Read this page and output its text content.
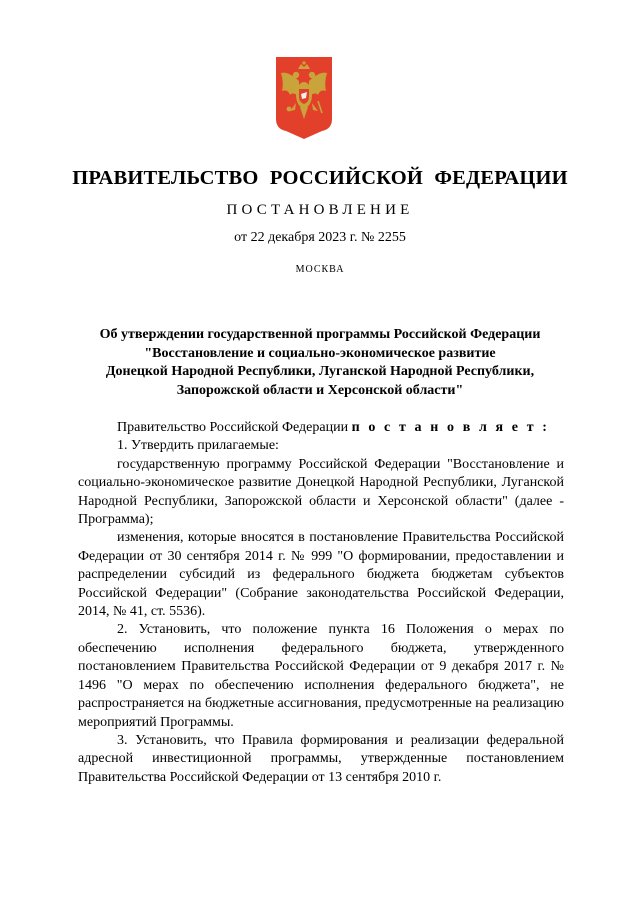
ПРАВИТЕЛЬСТВО РОССИЙСКОЙ ФЕДЕРАЦИИ
ПОСТАНОВЛЕНИЕ
от 22 декабря 2023 г. № 2255
МОСКВА
Об утверждении государственной программы Российской Федерации
"Восстановление и социально-экономическое развитие
Донецкой Народной Республики, Луганской Народной Республики,
Запорожской области и Херсонской области"

Правительство Российской Федерации п о с т а н о в л я е т :

1. Утвердить прилагаемые:

государственную программу Российской Федерации "Восстановление и социально-экономическое развитие Донецкой Народной Республики, Луганской Народной Республики, Запорожской области и Херсонской области" (далее - Программа);

изменения, которые вносятся в постановление Правительства Российской Федерации от 30 сентября 2014 г. № 999 "О формировании, предоставлении и распределении субсидий из федерального бюджета бюджетам субъектов Российской Федерации" (Собрание законодательства Российской Федерации, 2014, № 41, ст. 5536).

2. Установить, что положение пункта 16 Положения о мерах по обеспечению исполнения федерального бюджета, утвержденного постановлением Правительства Российской Федерации от 9 декабря 2017 г. № 1496 "О мерах по обеспечению исполнения федерального бюджета", не распространяется на бюджетные ассигнования, предусмотренные на реализацию мероприятий Программы.

3. Установить, что Правила формирования и реализации федеральной адресной инвестиционной программы, утвержденные постановлением Правительства Российской Федерации от 13 сентября 2010 г.
